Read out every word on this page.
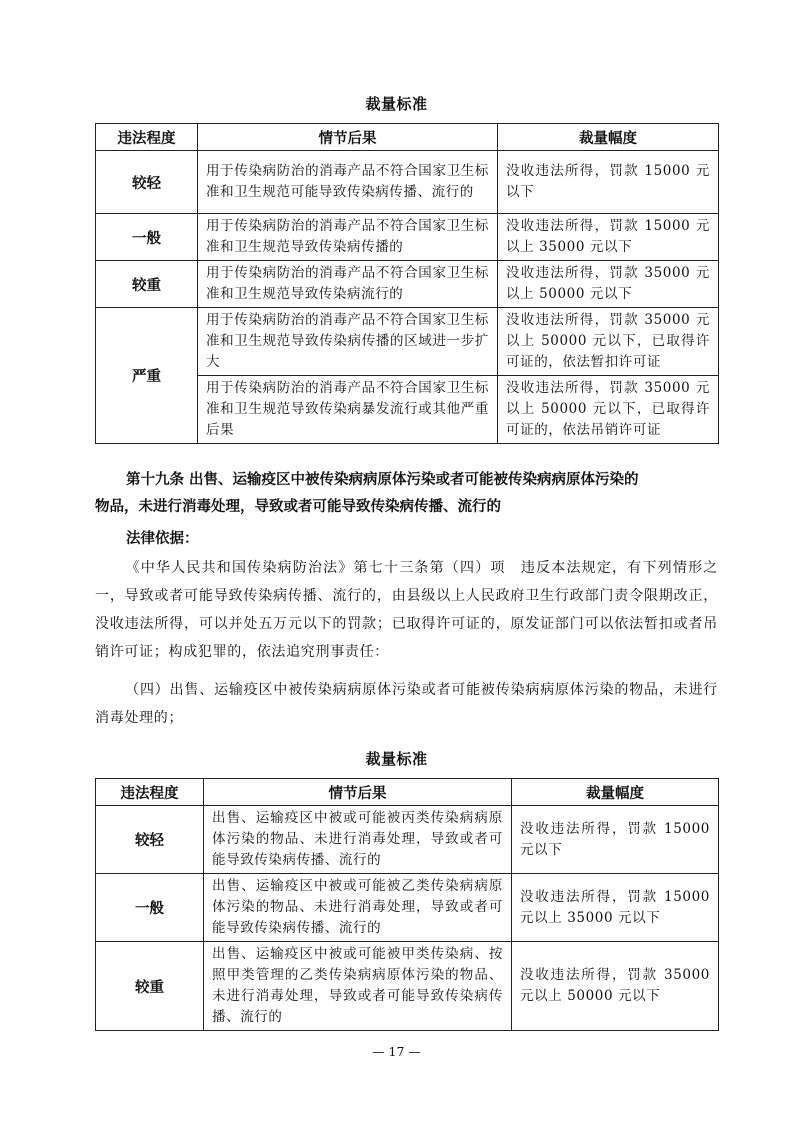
裁量标准
违法程度	情节后果	裁量幅度
较轻	用于传染病防治的消毒产品不符合国家卫生标准和卫生规范可能导致传染病传播、流行的	没收违法所得，罚款 15000 元以下
一般	用于传染病防治的消毒产品不符合国家卫生标准和卫生规范导致传染病传播的	没收违法所得，罚款 15000 元以上 35000 元以下
较重	用于传染病防治的消毒产品不符合国家卫生标准和卫生规范导致传染病流行的	没收违法所得，罚款 35000 元以上 50000 元以下
严重	用于传染病防治的消毒产品不符合国家卫生标准和卫生规范导致传染病传播的区域进一步扩大	没收违法所得，罚款 35000 元以上 50000 元以下，已取得许可证的，依法暂扣许可证
	用于传染病防治的消毒产品不符合国家卫生标准和卫生规范导致传染病暴发流行或其他严重后果	没收违法所得，罚款 35000 元以上 50000 元以下，已取得许可证的，依法吊销许可证
第十九条 出售、运输疫区中被传染病病原体污染或者可能被传染病病原体污染的
物品，未进行消毒处理，导致或者可能导致传染病传播、流行的
法律依据：
《中华人民共和国传染病防治法》第七十三条第（四）项　违反本法规定，有下列情形之一，导致或者可能导致传染病传播、流行的，由县级以上人民政府卫生行政部门责令限期改正，没收违法所得，可以并处五万元以下的罚款；已取得许可证的，原发证部门可以依法暂扣或者吊销许可证；构成犯罪的，依法追究刑事责任：
（四）出售、运输疫区中被传染病病原体污染或者可能被传染病病原体污染的物品，未进行消毒处理的；
裁量标准
违法程度	情节后果	裁量幅度
较轻	出售、运输疫区中被或可能被丙类传染病病原体污染的物品、未进行消毒处理，导致或者可能导致传染病传播、流行的	没收违法所得，罚款 15000 元以下
一般	出售、运输疫区中被或可能被乙类传染病病原体污染的物品、未进行消毒处理，导致或者可能导致传染病传播、流行的	没收违法所得，罚款 15000 元以上 35000 元以下
较重	出售、运输疫区中被或可能被甲类传染病、按照甲类管理的乙类传染病病原体污染的物品、未进行消毒处理，导致或者可能导致传染病传播、流行的	没收违法所得，罚款 35000 元以上 50000 元以下
— 17 —
